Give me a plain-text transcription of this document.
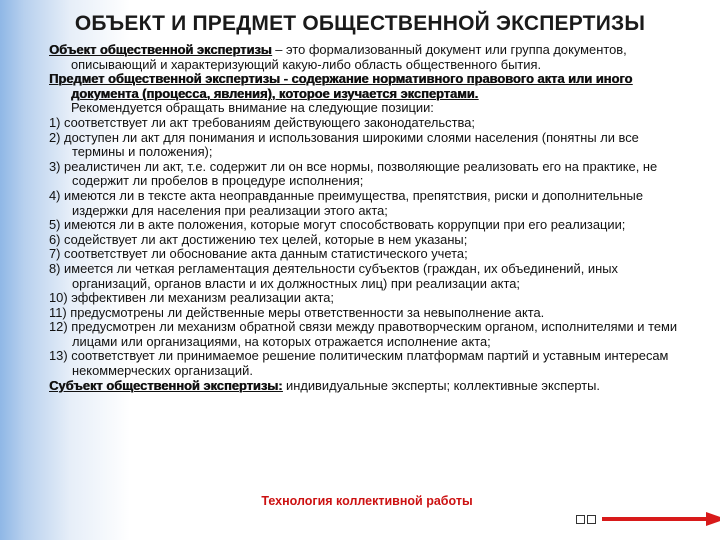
ОБЪЕКТ И ПРЕДМЕТ ОБЩЕСТВЕННОЙ ЭКСПЕРТИЗЫ

Объект общественной экспертизы – это формализованный документ или группа документов, описывающий и характеризующий какую-либо область общественного бытия.

Предмет общественной экспертизы - содержание нормативного правового акта или иного документа (процесса, явления), которое изучается экспертами.

Рекомендуется обращать внимание на следующие позиции:

1) соответствует ли акт требованиям действующего законодательства;

2) доступен ли акт для понимания и использования широкими слоями населения (понятны ли все термины и положения);

3) реалистичен ли акт, т.е. содержит ли он все нормы, позволяющие реализовать его на практике, не содержит ли пробелов в процедуре исполнения;

4) имеются ли в тексте акта неоправданные преимущества, препятствия, риски и дополнительные издержки для населения при реализации этого акта;

5) имеются ли в акте положения, которые могут способствовать коррупции при его реализации;

6) содействует ли акт достижению тех целей, которые в нем указаны;

7) соответствует ли обоснование акта данным статистического учета;

8) имеется ли четкая регламентация деятельности субъектов (граждан, их объединений, иных организаций, органов власти и их должностных лиц) при реализации акта;

10) эффективен ли механизм реализации акта;

11) предусмотрены ли действенные меры ответственности за невыполнение акта.

12) предусмотрен ли механизм обратной связи между правотворческим органом, исполнителями и теми лицами или организациями, на которых отражается исполнение акта;

13) соответствует ли принимаемое решение политическим платформам партий и уставным интересам некоммерческих организаций.

Субъект общественной экспертизы: индивидуальные эксперты; коллективные эксперты.

Технология коллективной работы
